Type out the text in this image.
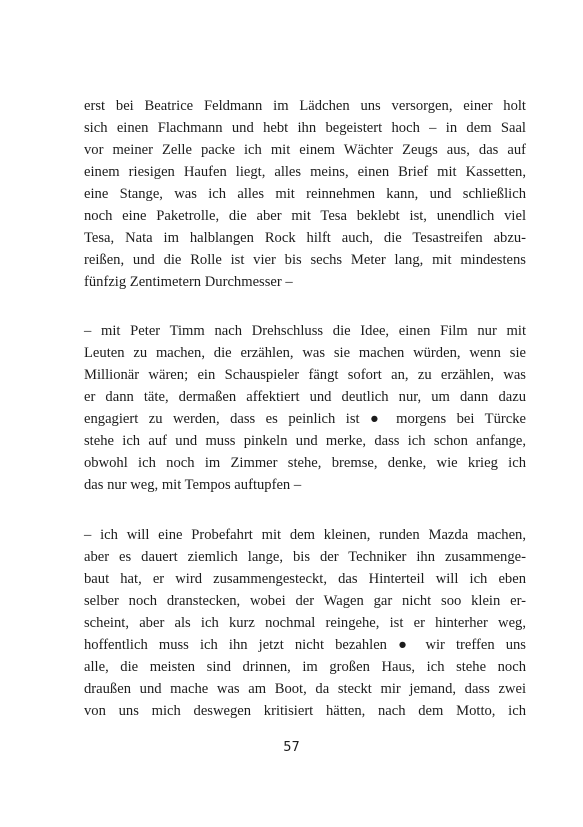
erst bei Beatrice Feldmann im Lädchen uns versorgen, einer holt
sich einen Flachmann und hebt ihn begeistert hoch – in dem Saal
vor meiner Zelle packe ich mit einem Wächter Zeugs aus, das auf
einem riesigen Haufen liegt, alles meins, einen Brief mit Kassetten,
eine Stange, was ich alles mit reinnehmen kann, und schließlich
noch eine Paketrolle, die aber mit Tesa beklebt ist, unendlich viel
Tesa, Nata im halblangen Rock hilft auch, die Tesastreifen abzu-
reißen, und die Rolle ist vier bis sechs Meter lang, mit mindestens
fünfzig Zentimetern Durchmesser –
– mit Peter Timm nach Drehschluss die Idee, einen Film nur mit
Leuten zu machen, die erzählen, was sie machen würden, wenn sie
Millionär wären; ein Schauspieler fängt sofort an, zu erzählen, was
er dann täte, dermaßen affektiert und deutlich nur, um dann dazu
engagiert zu werden, dass es peinlich ist ● morgens bei Türcke
stehe ich auf und muss pinkeln und merke, dass ich schon anfange,
obwohl ich noch im Zimmer stehe, bremse, denke, wie krieg ich
das nur weg, mit Tempos auftupfen –
– ich will eine Probefahrt mit dem kleinen, runden Mazda machen,
aber es dauert ziemlich lange, bis der Techniker ihn zusammenge-
baut hat, er wird zusammengesteckt, das Hinterteil will ich eben
selber noch dranstecken, wobei der Wagen gar nicht soo klein er-
scheint, aber als ich kurz nochmal reingehe, ist er hinterher weg,
hoffentlich muss ich ihn jetzt nicht bezahlen ● wir treffen uns
alle, die meisten sind drinnen, im großen Haus, ich stehe noch
draußen und mache was am Boot, da steckt mir jemand, dass zwei
von uns mich deswegen kritisiert hätten, nach dem Motto, ich
57
